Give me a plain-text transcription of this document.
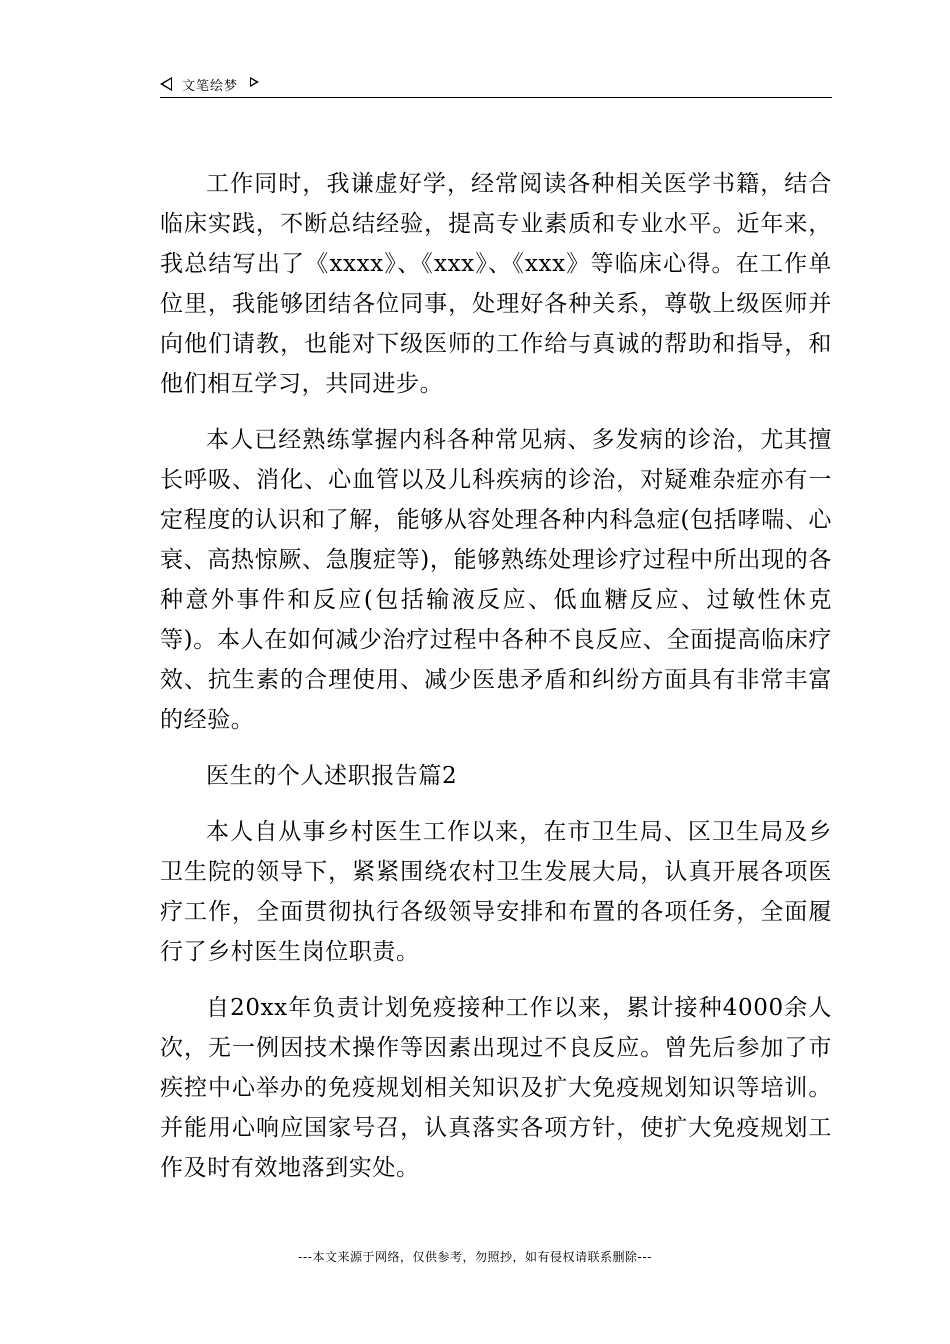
文笔绘梦

工作同时，我谦虚好学，经常阅读各种相关医学书籍，结合临床实践，不断总结经验，提高专业素质和专业水平。近年来，我总结写出了《xxxx》、《xxx》、《xxx》等临床心得。在工作单位里，我能够团结各位同事，处理好各种关系，尊敬上级医师并向他们请教，也能对下级医师的工作给与真诚的帮助和指导，和他们相互学习，共同进步。

本人已经熟练掌握内科各种常见病、多发病的诊治，尤其擅长呼吸、消化、心血管以及儿科疾病的诊治，对疑难杂症亦有一定程度的认识和了解，能够从容处理各种内科急症(包括哮喘、心衰、高热惊厥、急腹症等)，能够熟练处理诊疗过程中所出现的各种意外事件和反应(包括输液反应、低血糖反应、过敏性休克等)。本人在如何减少治疗过程中各种不良反应、全面提高临床疗效、抗生素的合理使用、减少医患矛盾和纠纷方面具有非常丰富的经验。

医生的个人述职报告篇2

本人自从事乡村医生工作以来，在市卫生局、区卫生局及乡卫生院的领导下，紧紧围绕农村卫生发展大局，认真开展各项医疗工作，全面贯彻执行各级领导安排和布置的各项任务，全面履行了乡村医生岗位职责。

自20xx年负责计划免疫接种工作以来，累计接种4000余人次，无一例因技术操作等因素出现过不良反应。曾先后参加了市疾控中心举办的免疫规划相关知识及扩大免疫规划知识等培训。并能用心响应国家号召，认真落实各项方针，使扩大免疫规划工作及时有效地落到实处。

---本文来源于网络，仅供参考，勿照抄，如有侵权请联系删除---
